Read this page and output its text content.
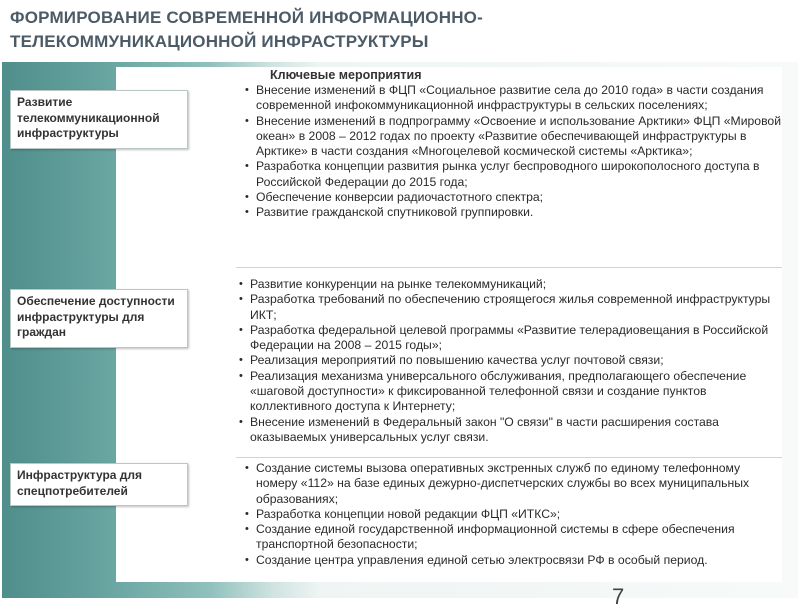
ФОРМИРОВАНИЕ СОВРЕМЕННОЙ ИНФОРМАЦИОННО-ТЕЛЕКОММУНИКАЦИОННОЙ ИНФРАСТРУКТУРЫ
Ключевые мероприятия
Развитие телекоммуникационной инфраструктуры
• Внесение изменений в ФЦП «Социальное развитие села до 2010 года» в части создания современной инфокоммуникационной инфраструктуры в сельских поселениях;
• Внесение изменений в подпрограмму «Освоение и использование Арктики» ФЦП «Мировой океан» в 2008 – 2012 годах по проекту «Развитие обеспечивающей инфраструктуры в Арктике» в части создания «Многоцелевой космической системы «Арктика»;
• Разработка концепции развития рынка услуг беспроводного широкополосного доступа в Российской Федерации до 2015 года;
• Обеспечение конверсии радиочастотного спектра;
• Развитие гражданской спутниковой группировки.
Обеспечение доступности инфраструктуры для граждан
• Развитие конкуренции на рынке телекоммуникаций;
• Разработка требований по обеспечению строящегося жилья современной инфраструктуры ИКТ;
• Разработка федеральной целевой программы «Развитие телерадиовещания в Российской Федерации на 2008 – 2015 годы»;
• Реализация мероприятий по повышению качества услуг почтовой связи;
• Реализация механизма универсального обслуживания, предполагающего обеспечение «шаговой доступности» к фиксированной телефонной связи и создание пунктов коллективного доступа к Интернету;
• Внесение изменений в Федеральный закон "О связи" в части расширения состава оказываемых универсальных услуг связи.
Инфраструктура для спецпотребителей
• Создание системы вызова оперативных экстренных служб по единому телефонному номеру «112» на базе единых дежурно-диспетчерских службы во всех муниципальных образованиях;
• Разработка концепции новой редакции ФЦП «ИТКС»;
• Создание единой государственной информационной системы в сфере обеспечения транспортной безопасности;
• Создание центра управления единой сетью электросвязи РФ в особый период.
7
